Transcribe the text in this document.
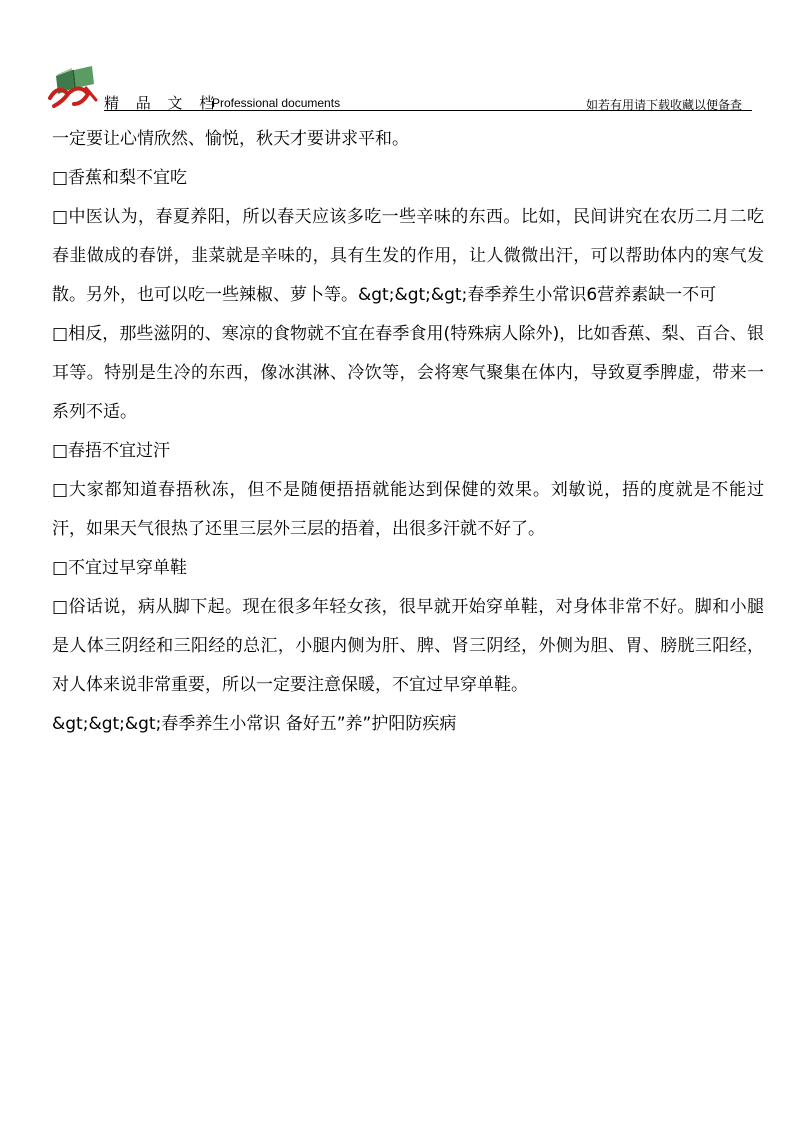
精 品 文 档
Professional documents	如若有用请下载收藏以便备查

一定要让心情欣然、愉悦，秋天才要讲求平和。

□香蕉和梨不宜吃

□中医认为，春夏养阳，所以春天应该多吃一些辛味的东西。比如，民间讲究在农历二月二吃春韭做成的春饼，韭菜就是辛味的，具有生发的作用，让人微微出汗，可以帮助体内的寒气发散。另外，也可以吃一些辣椒、萝卜等。&gt;&gt;&gt;春季养生小常识6营养素缺一不可

□相反，那些滋阴的、寒凉的食物就不宜在春季食用(特殊病人除外)，比如香蕉、梨、百合、银耳等。特别是生冷的东西，像冰淇淋、冷饮等，会将寒气聚集在体内，导致夏季脾虚，带来一系列不适。

□春捂不宜过汗

□大家都知道春捂秋冻，但不是随便捂捂就能达到保健的效果。刘敏说，捂的度就是不能过汗，如果天气很热了还里三层外三层的捂着，出很多汗就不好了。

□不宜过早穿单鞋

□俗话说，病从脚下起。现在很多年轻女孩，很早就开始穿单鞋，对身体非常不好。脚和小腿是人体三阴经和三阳经的总汇，小腿内侧为肝、脾、肾三阴经，外侧为胆、胃、膀胱三阳经，对人体来说非常重要，所以一定要注意保暖，不宜过早穿单鞋。

&gt;&gt;&gt;春季养生小常识 备好五”养”护阳防疾病
